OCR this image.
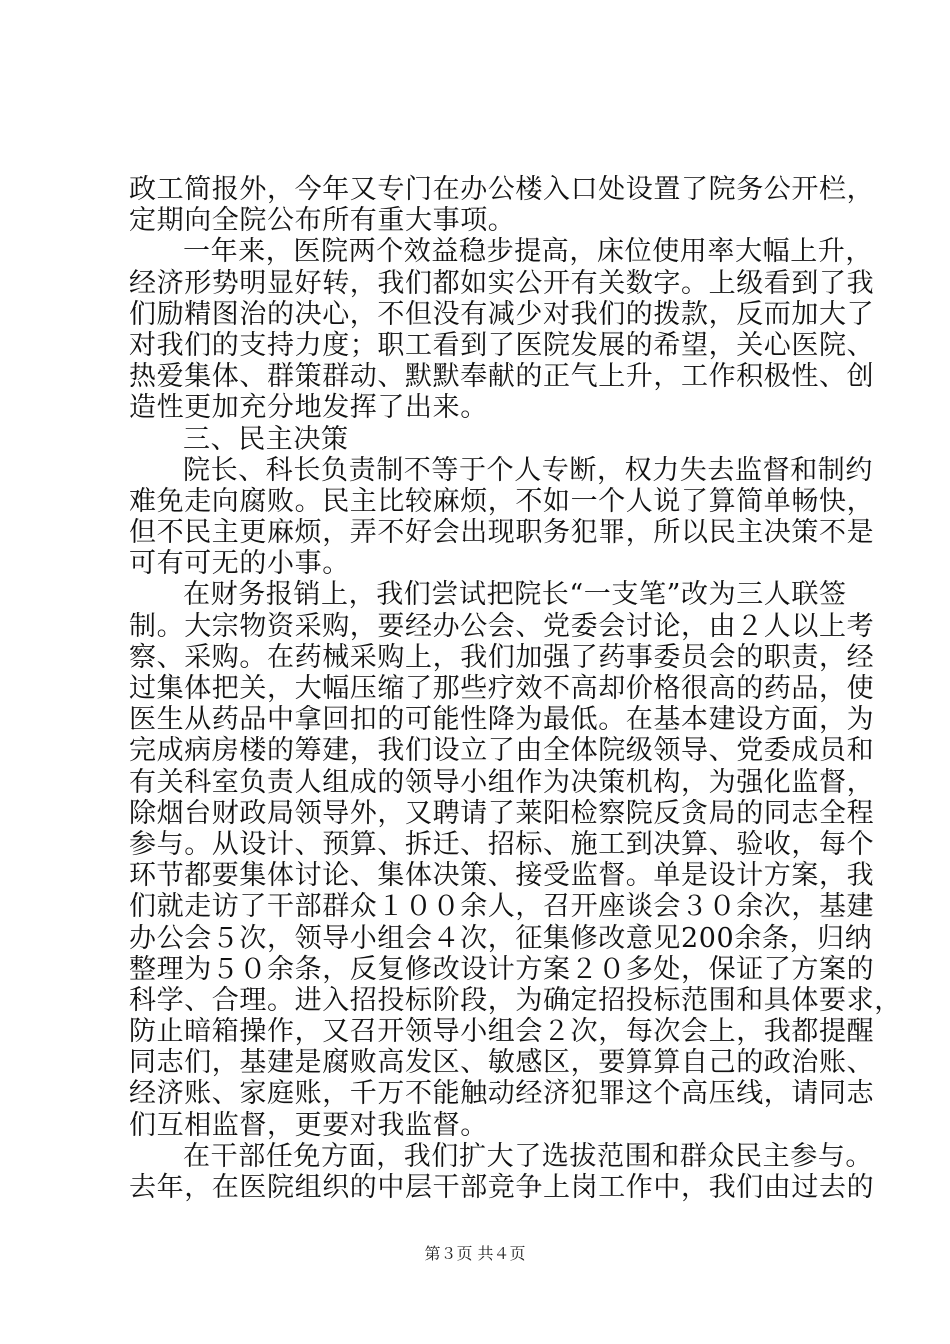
政工简报外，今年又专门在办公楼入口处设置了院务公开栏，
定期向全院公布所有重大事项。
一年来，医院两个效益稳步提高，床位使用率大幅上升，
经济形势明显好转，我们都如实公开有关数字。上级看到了我
们励精图治的决心，不但没有减少对我们的拨款，反而加大了
对我们的支持力度；职工看到了医院发展的希望，关心医院、
热爱集体、群策群动、默默奉献的正气上升，工作积极性、创
造性更加充分地发挥了出来。
三、民主决策
院长、科长负责制不等于个人专断，权力失去监督和制约
难免走向腐败。民主比较麻烦，不如一个人说了算简单畅快，
但不民主更麻烦，弄不好会出现职务犯罪，所以民主决策不是
可有可无的小事。
在财务报销上，我们尝试把院长“一支笔”改为三人联签
制。大宗物资采购，要经办公会、党委会讨论，由２人以上考
察、采购。在药械采购上，我们加强了药事委员会的职责，经
过集体把关，大幅压缩了那些疗效不高却价格很高的药品，使
医生从药品中拿回扣的可能性降为最低。在基本建设方面，为
完成病房楼的筹建，我们设立了由全体院级领导、党委成员和
有关科室负责人组成的领导小组作为决策机构，为强化监督，
除烟台财政局领导外，又聘请了莱阳检察院反贪局的同志全程
参与。从设计、预算、拆迁、招标、施工到决算、验收，每个
环节都要集体讨论、集体决策、接受监督。单是设计方案，我
们就走访了干部群众１００余人，召开座谈会３０余次，基建
办公会５次，领导小组会４次，征集修改意见200余条，归纳
整理为５０余条，反复修改设计方案２０多处，保证了方案的
科学、合理。进入招投标阶段，为确定招投标范围和具体要求，
防止暗箱操作，又召开领导小组会２次，每次会上，我都提醒
同志们，基建是腐败高发区、敏感区，要算算自己的政治账、
经济账、家庭账，千万不能触动经济犯罪这个高压线，请同志
们互相监督，更要对我监督。
在干部任免方面，我们扩大了选拔范围和群众民主参与。
去年，在医院组织的中层干部竞争上岗工作中，我们由过去的
第３页 共４页
